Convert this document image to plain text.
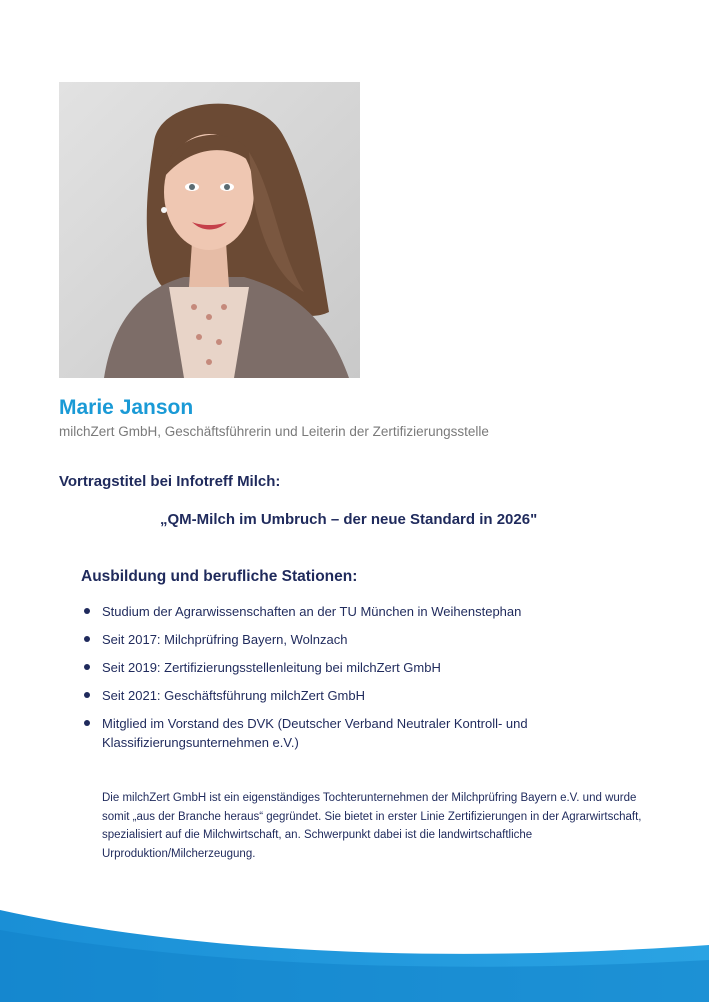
Marie Janson
milchZert GmbH, Geschäftsführerin und Leiterin der Zertifizierungsstelle
Vortragstitel bei Infotreff Milch:
„QM-Milch im Umbruch – der neue Standard in 2026"
Ausbildung und berufliche Stationen:
Studium der Agrarwissenschaften an der TU München in Weihenstephan
Seit 2017: Milchprüfring Bayern, Wolnzach
Seit 2019: Zertifizierungsstellenleitung bei milchZert GmbH
Seit 2021: Geschäftsführung milchZert GmbH
Mitglied im Vorstand des DVK (Deutscher Verband Neutraler Kontroll- und Klassifizierungsunternehmen e.V.)

Die milchZert GmbH ist ein eigenständiges Tochterunternehmen der Milchprüfring Bayern e.V. und wurde somit „aus der Branche heraus“ gegründet. Sie bietet in erster Linie Zertifizierungen in der Agrarwirtschaft, spezialisiert auf die Milchwirtschaft, an. Schwerpunkt dabei ist die landwirtschaftliche Urproduktion/Milcherzeugung.
